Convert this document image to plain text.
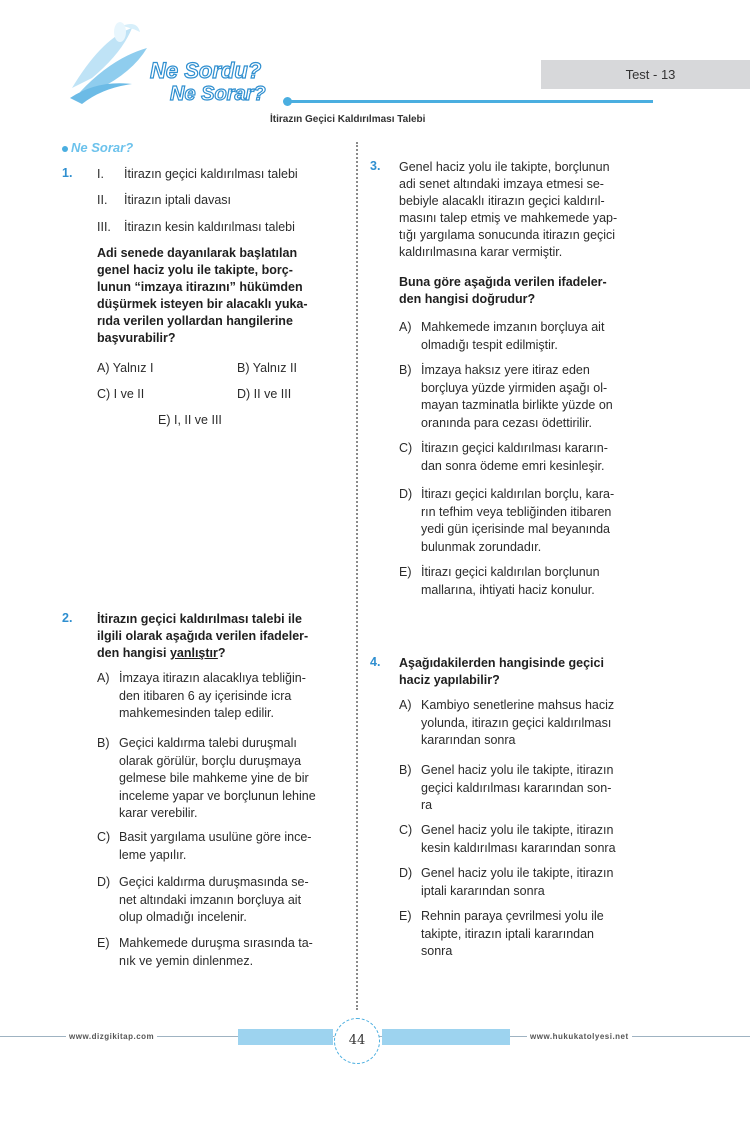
Ne Sordu?
Ne Sorar?
Test - 13
İtirazın Geçici Kaldırılması Talebi
Ne Sorar?
1. I. İtirazın geçici kaldırılması talebi
II. İtirazın iptali davası
III. İtirazın kesin kaldırılması talebi
Adi senede dayanılarak başlatılan
genel haciz yolu ile takipte, borç-
lunun “imzaya itirazını” hükümden
düşürmek isteyen bir alacaklı yuka-
rıda verilen yollardan hangilerine
başvurabilir?
A) Yalnız I	B) Yalnız II
C) I ve II	D) II ve III
E) I, II ve III
2. İtirazın geçici kaldırılması talebi ile
ilgili olarak aşağıda verilen ifadeler-
den hangisi yanlıştır?
A) İmzaya itirazın alacaklıya tebliğin-
den itibaren 6 ay içerisinde icra
mahkemesinden talep edilir.
B) Geçici kaldırma talebi duruşmalı
olarak görülür, borçlu duruşmaya
gelmese bile mahkeme yine de bir
inceleme yapar ve borçlunun lehine
karar verebilir.
C) Basit yargılama usulüne göre ince-
leme yapılır.
D) Geçici kaldırma duruşmasında se-
net altındaki imzanın borçluya ait
olup olmadığı incelenir.
E) Mahkemede duruşma sırasında ta-
nık ve yemin dinlenmez.
3. Genel haciz yolu ile takipte, borçlunun
adi senet altındaki imzaya etmesi se-
bebiyle alacaklı itirazın geçici kaldırıl-
masını talep etmiş ve mahkemede yap-
tığı yargılama sonucunda itirazın geçici
kaldırılmasına karar vermiştir.
Buna göre aşağıda verilen ifadeler-
den hangisi doğrudur?
A) Mahkemede imzanın borçluya ait
olmadığı tespit edilmiştir.
B) İmzaya haksız yere itiraz eden
borçluya yüzde yirmiden aşağı ol-
mayan tazminatla birlikte yüzde on
oranında para cezası ödettirilir.
C) İtirazın geçici kaldırılması kararın-
dan sonra ödeme emri kesinleşir.
D) İtirazı geçici kaldırılan borçlu, kara-
rın tefhim veya tebliğinden itibaren
yedi gün içerisinde mal beyanında
bulunmak zorundadır.
E) İtirazı geçici kaldırılan borçlunun
mallarına, ihtiyati haciz konulur.
4. Aşağıdakilerden hangisinde geçici
haciz yapılabilir?
A) Kambiyo senetlerine mahsus haciz
yolunda, itirazın geçici kaldırılması
kararından sonra
B) Genel haciz yolu ile takipte, itirazın
geçici kaldırılması kararından son-
ra
C) Genel haciz yolu ile takipte, itirazın
kesin kaldırılması kararından sonra
D) Genel haciz yolu ile takipte, itirazın
iptali kararından sonra
E) Rehnin paraya çevrilmesi yolu ile
takipte, itirazın iptali kararından
sonra
www.dizgikitap.com	www.hukukatolyesi.net
44
